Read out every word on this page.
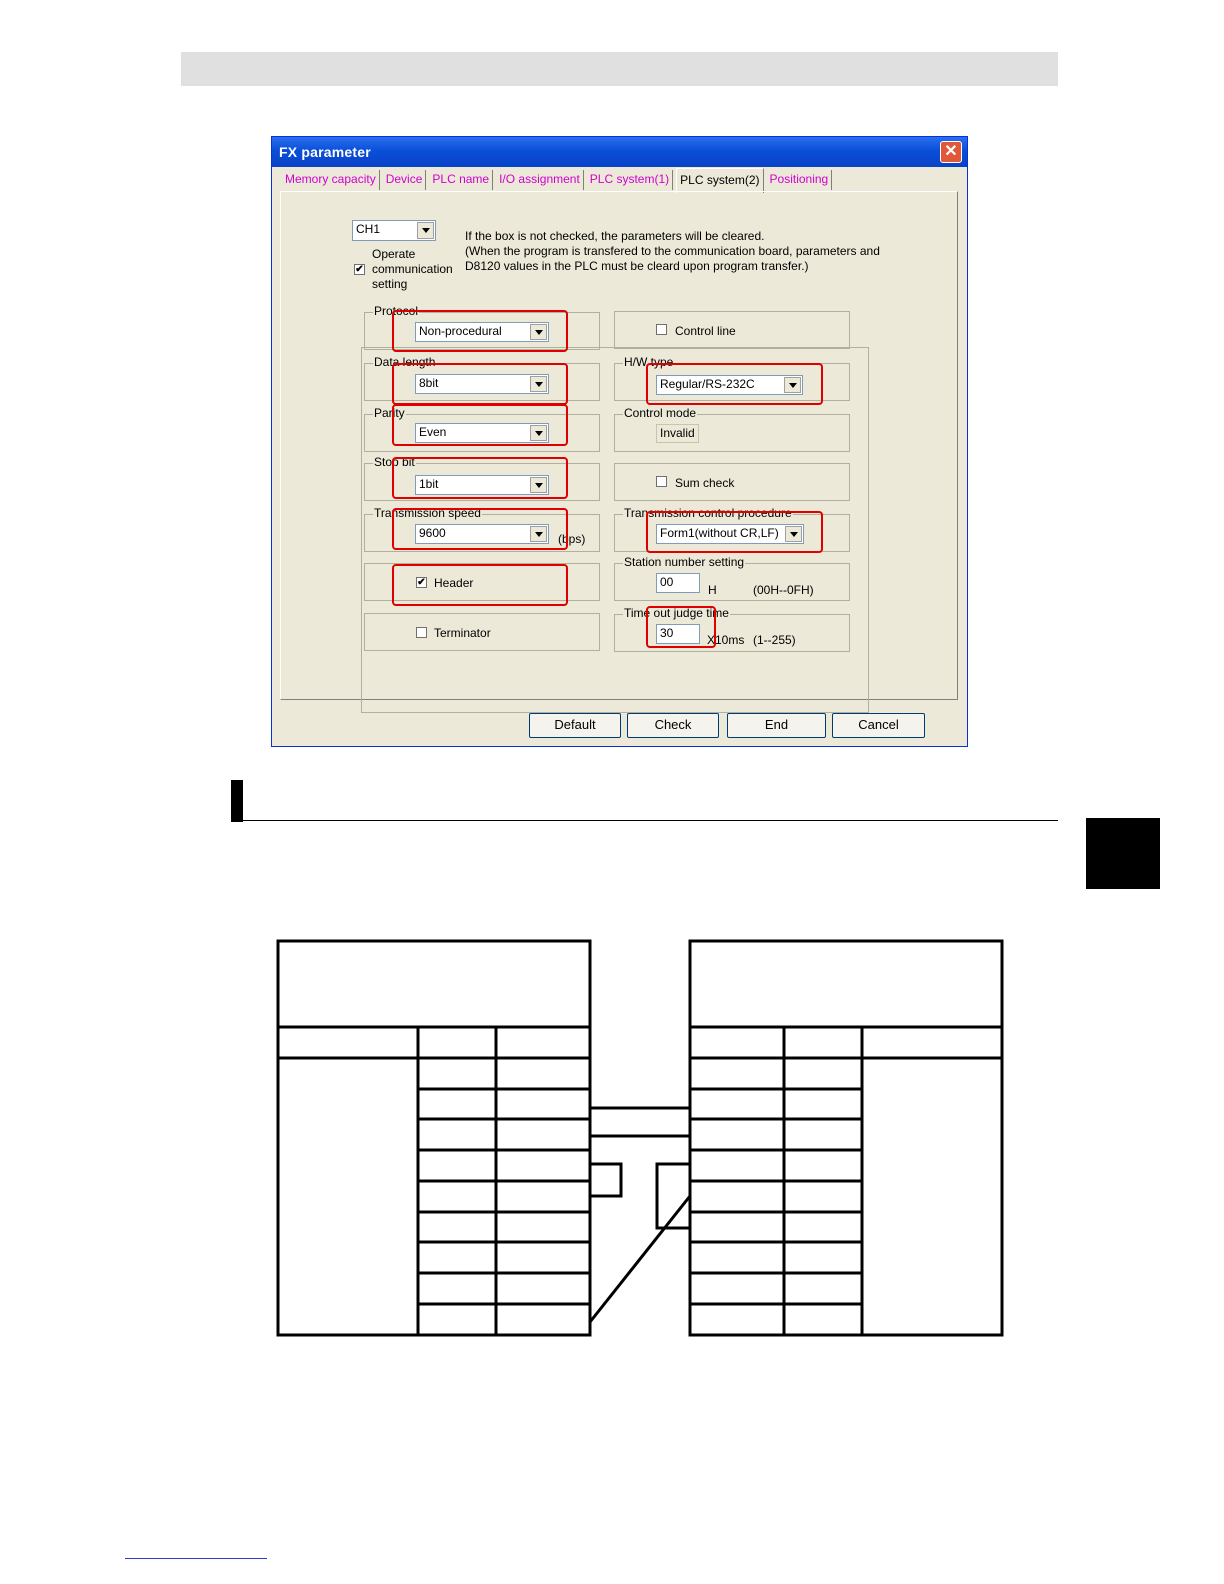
FX parameter	✕
Memory capacity Device PLC name I/O assignment PLC system(1) PLC system(2) Positioning
CH1
✔
Operate
communication
setting
If the box is not checked, the parameters will be cleared.
(When the program is transfered to the communication board, parameters and
D8120 values in the PLC must be cleard upon program transfer.)
Protocol
Non-procedural
Data length
8bit
Parity
Even
Stop bit
1bit
Transmission speed
9600	(bps)
✔ Header
Terminator
Control line
H/W type
Regular/RS-232C
Control mode
Invalid
Sum check
Transmission control procedure
Form1(without CR,LF)
Station number setting
00
H	(00H--0FH)
Time out judge time
30	X10ms (1--255)
Default	Check	End	Cancel
